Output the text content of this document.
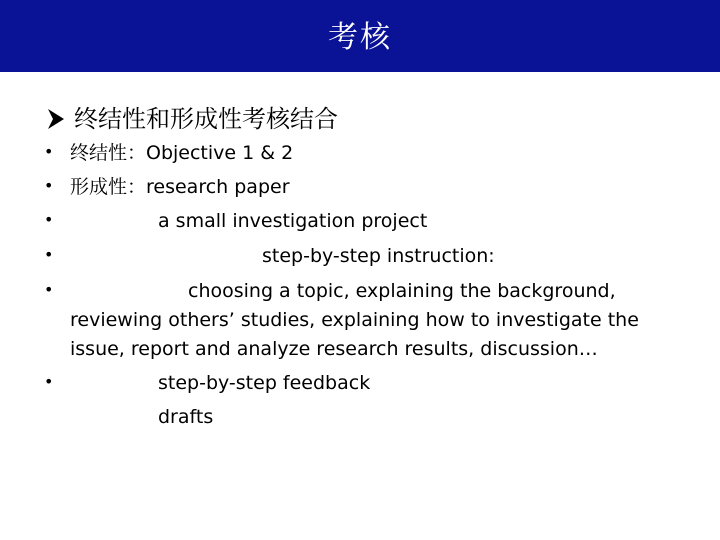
考核
终结性和形成性考核结合
•
•
•
•
•
•
终结性：Objective 1 & 2
形成性：research paper
a small investigation project
step-by-step instruction:
choosing a topic, explaining the background,
reviewing others’ studies, explaining how to investigate the
issue, report and analyze research results, discussion…
step-by-step feedback
drafts
